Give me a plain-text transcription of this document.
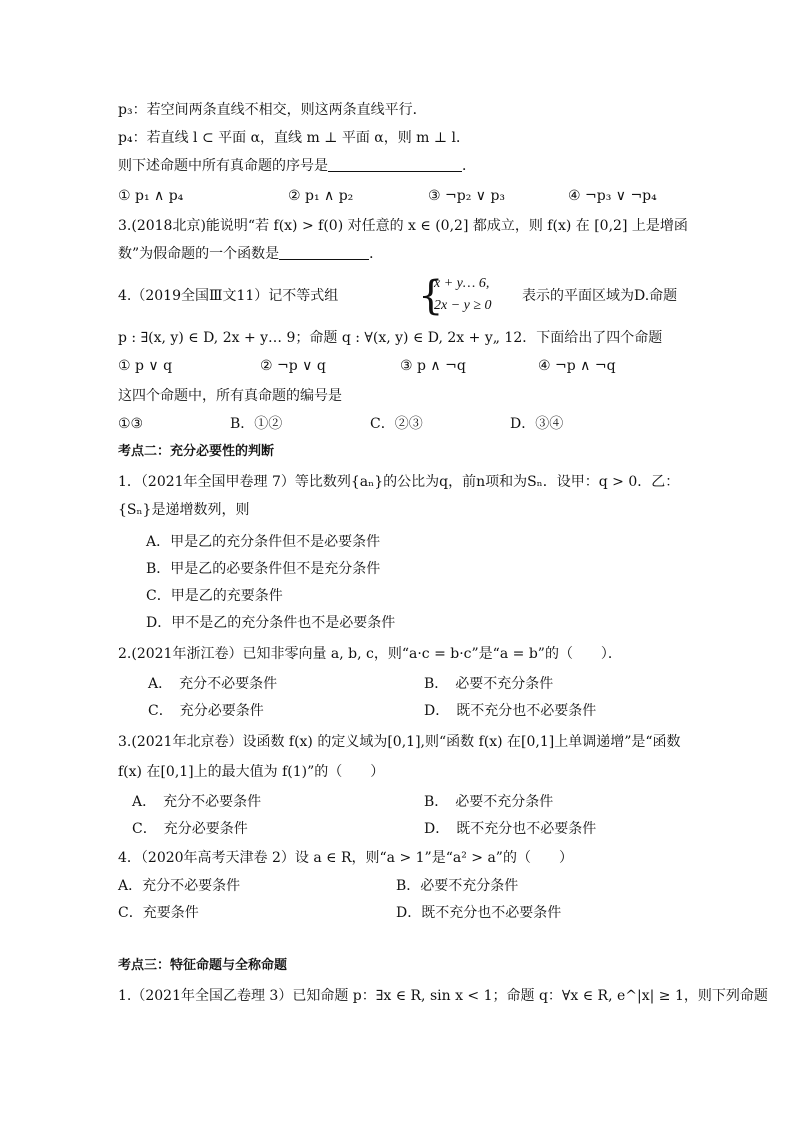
p₃：若空间两条直线不相交，则这两条直线平行．
p₄：若直线 l ⊂ 平面 α，直线 m ⊥ 平面 α，则 m ⊥ l．
则下述命题中所有真命题的序号是	．
① p₁ ∧ p₄	② p₁ ∧ p₂	③ ¬p₂ ∨ p₃	④ ¬p₃ ∨ ¬p₄
3.(2018北京)能说明“若 f(x) > f(0) 对任意的 x ∈ (0,2] 都成立，则 f(x) 在 [0,2] 上是增函
数”为假命题的一个函数是	．
4.（2019全国Ⅲ文11）记不等式组 {
x + y… 6,
2x − y ≥ 0
表示的平面区域为D.命题
p : ∃(x, y) ∈ D, 2x + y… 9；命题 q : ∀(x, y) ∈ D, 2x + y„ 12．下面给出了四个命题
① p ∨ q	② ¬p ∨ q	③ p ∧ ¬q	④ ¬p ∧ ¬q
这四个命题中，所有真命题的编号是
①③	B．①②	C．②③	D．③④
考点二：充分必要性的判断
1．（2021年全国甲卷理 7）等比数列{aₙ}的公比为q，前n项和为Sₙ．设甲：q > 0．乙：
{Sₙ}是递增数列，则
A．甲是乙的充分条件但不是必要条件
B．甲是乙的必要条件但不是充分条件
C．甲是乙的充要条件
D．甲不是乙的充分条件也不是必要条件
2.(2021年浙江卷）已知非零向量 a, b, c，则“a·c = b·c”是“a = b”的（　　）．
A．　充分不必要条件	B．　必要不充分条件
C．　充分必要条件	D．　既不充分也不必要条件
3.(2021年北京卷）设函数 f(x) 的定义域为[0,1],则“函数 f(x) 在[0,1]上单调递增”是“函数
f(x) 在[0,1]上的最大值为 f(1)”的（　　）
A．　充分不必要条件	B．　必要不充分条件
C．　充分必要条件	D．　既不充分也不必要条件
4．（2020年高考天津卷 2）设 a ∈ R，则“a > 1”是“a² > a”的（　　）
A．充分不必要条件	B．必要不充分条件
C．充要条件	D．既不充分也不必要条件
考点三：特征命题与全称命题
1.（2021年全国乙卷理 3）已知命题 p：∃x ∈ R, sin x < 1；命题 q：∀x ∈ R, e^|x| ≥ 1，则下列命题
